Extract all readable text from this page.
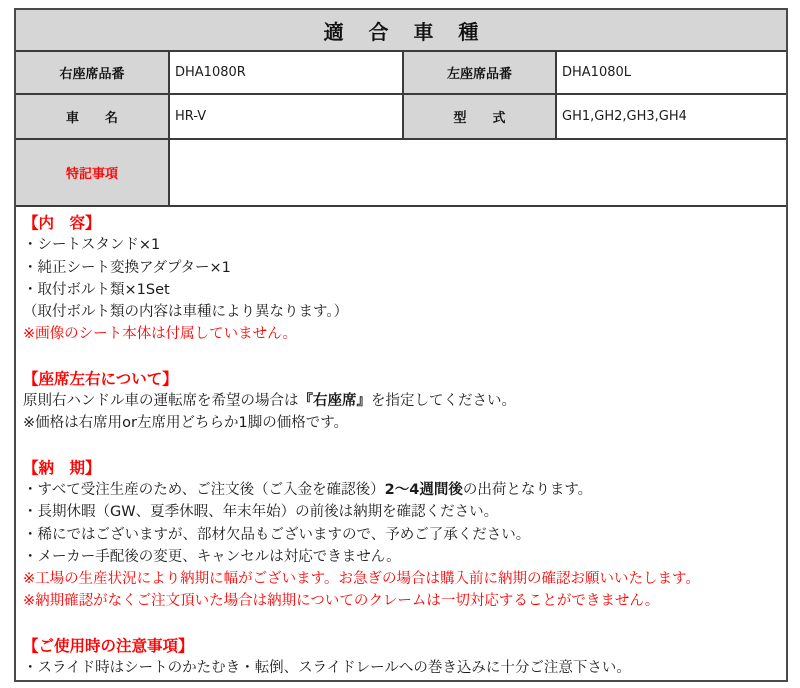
適 合 車 種
右座席品番	DHA1080R	左座席品番	DHA1080L
車　　名	HR-V	型　　式	GH1,GH2,GH3,GH4
特記事項
【内　容】
・シートスタンド×1
・純正シート変換アダプター×1
・取付ボルト類×1Set
（取付ボルト類の内容は車種により異なります。）
※画像のシート本体は付属していません。
【座席左右について】
原則右ハンドル車の運転席を希望の場合は『右座席』を指定してください。
※価格は右席用or左席用どちらか1脚の価格です。
【納　期】
・すべて受注生産のため、ご注文後（ご入金を確認後）2～4週間後の出荷となります。
・長期休暇（GW、夏季休暇、年末年始）の前後は納期を確認ください。
・稀にではございますが、部材欠品もございますので、予めご了承ください。
・メーカー手配後の変更、キャンセルは対応できません。
※工場の生産状況により納期に幅がございます。お急ぎの場合は購入前に納期の確認お願いいたします。
※納期確認がなくご注文頂いた場合は納期についてのクレームは一切対応することができません。
【ご使用時の注意事項】
・スライド時はシートのかたむき・転倒、スライドレールへの巻き込みに十分ご注意下さい。
